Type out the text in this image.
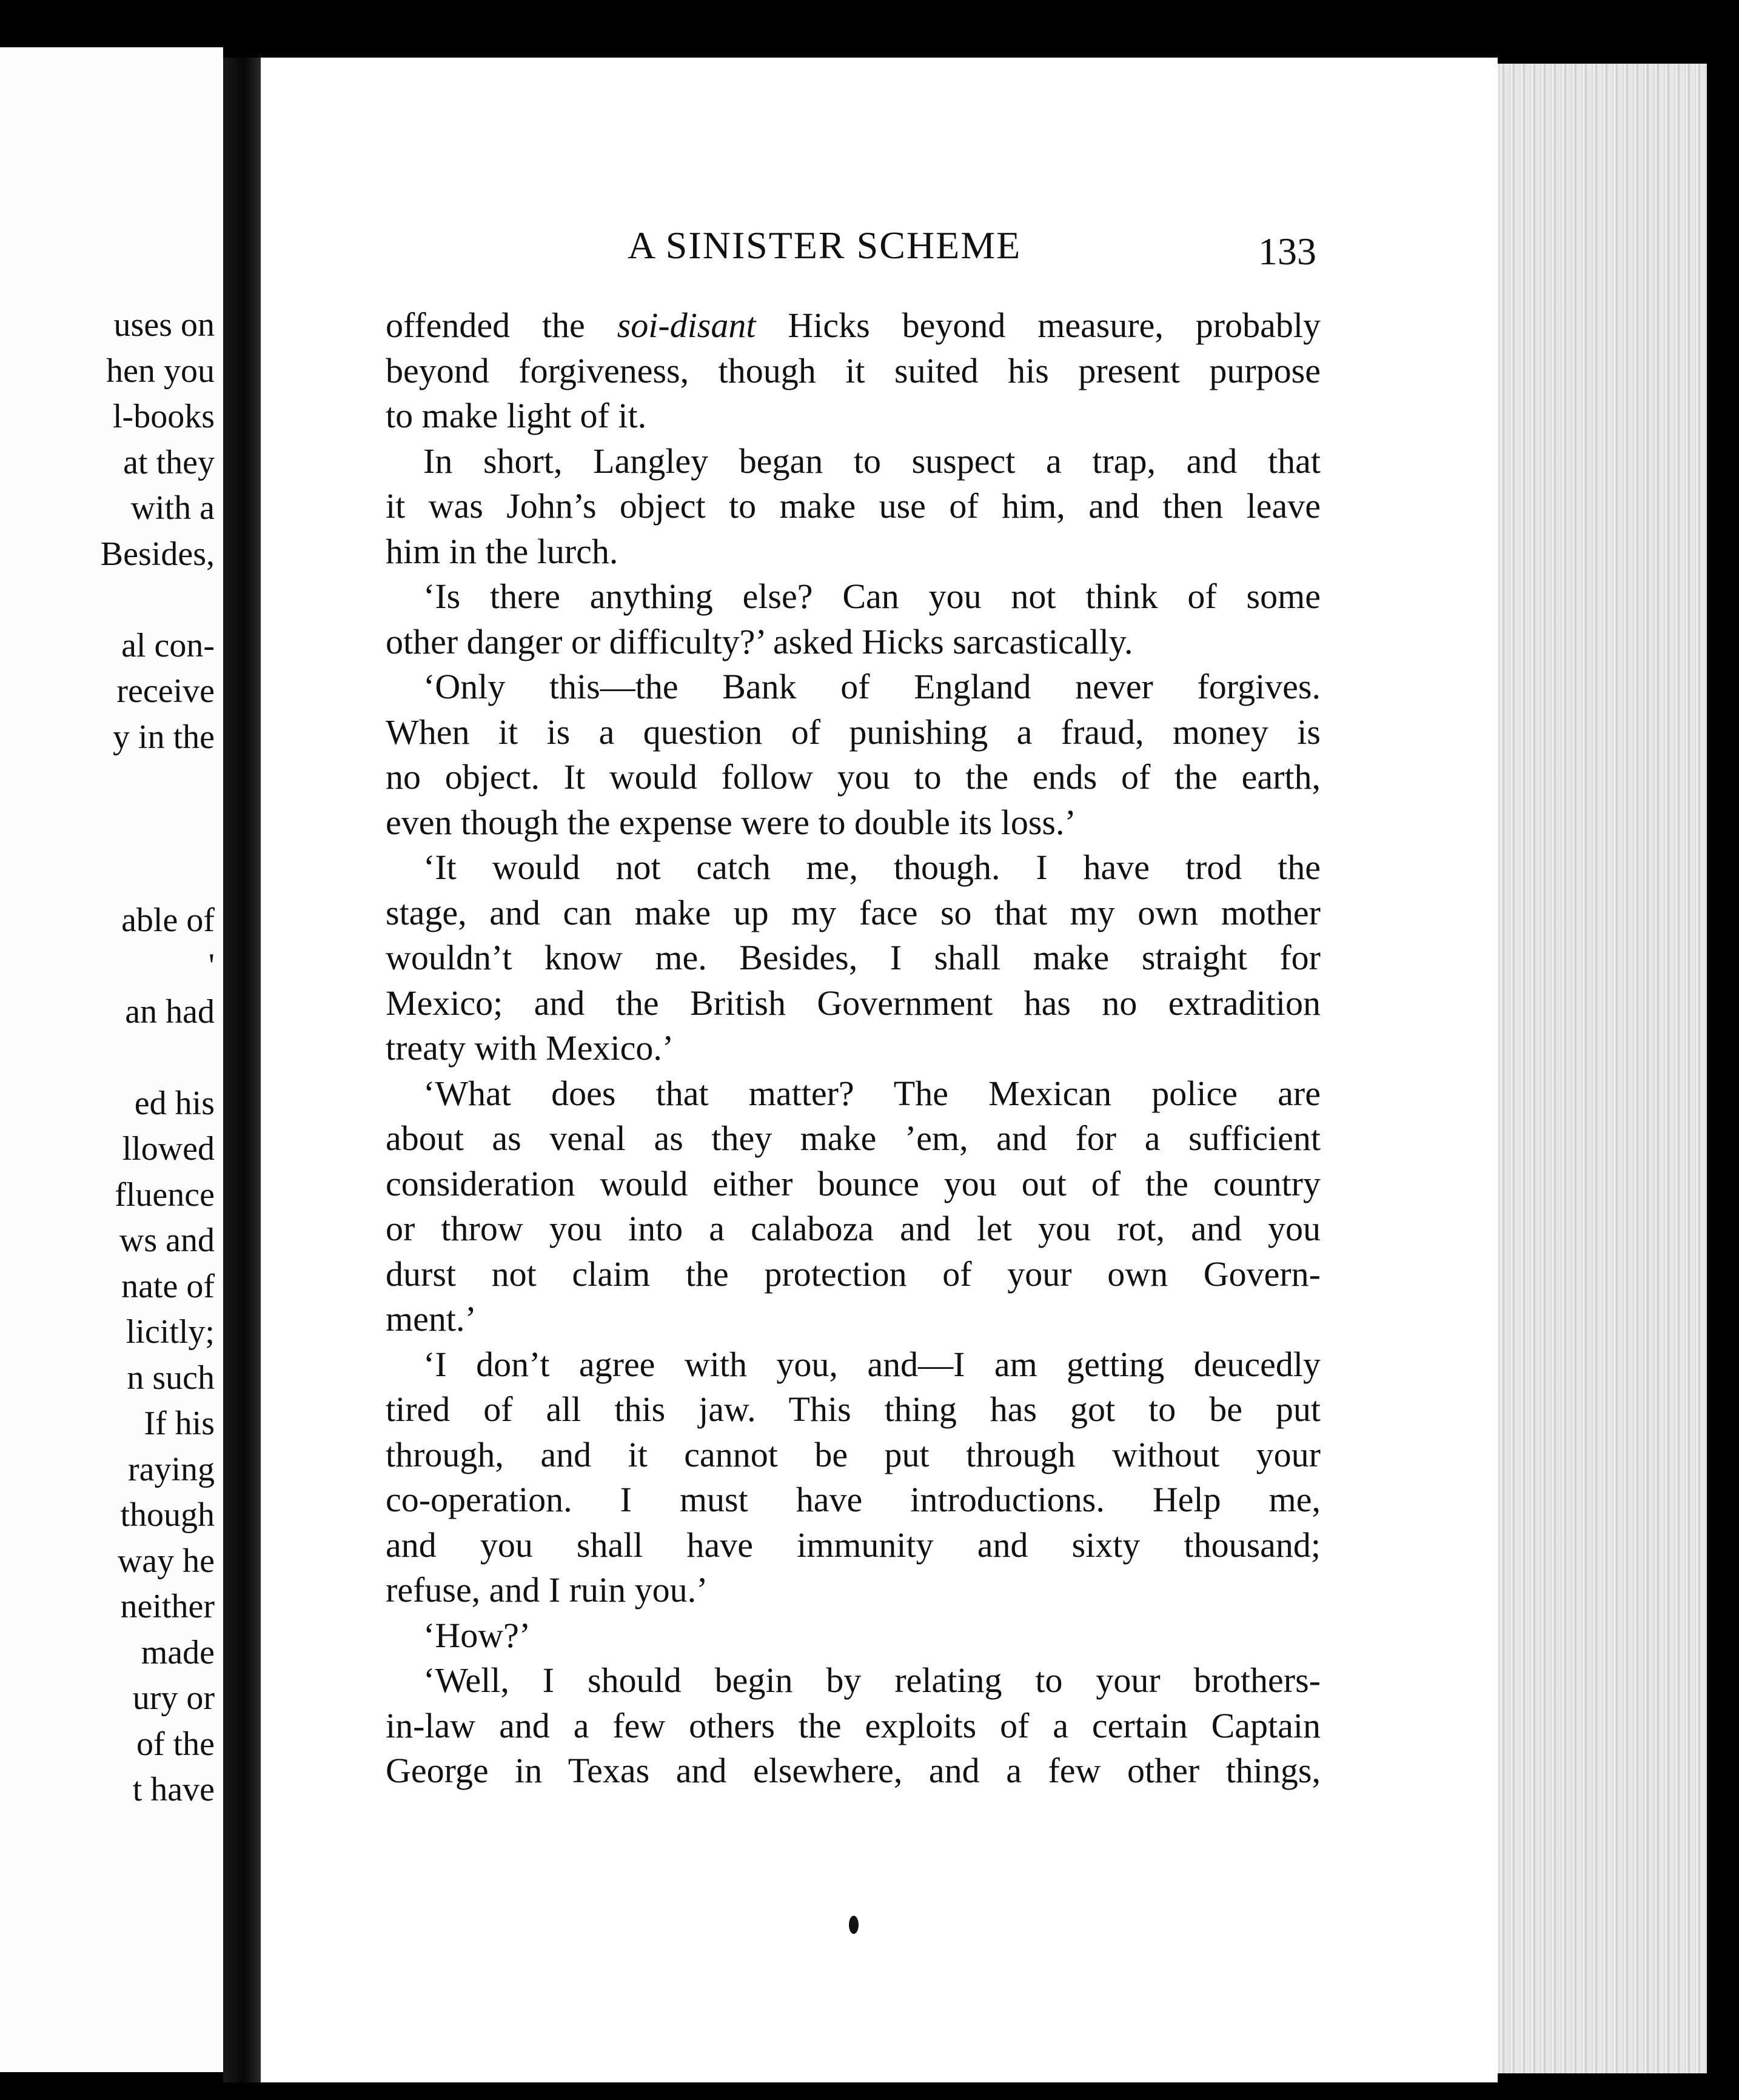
uses on
hen you
l-books
at they
with a
Besides,
al con-
receive
y in the
able of
'
an had
ed his
llowed
fluence
ws and
nate of
licitly;
n such
If his
raying
though
way he
neither
made
ury or
of the
t have
A SINISTER SCHEME	133
offended the soi-disant Hicks beyond measure, probably
beyond forgiveness, though it suited his present purpose
to make light of it.
In short, Langley began to suspect a trap, and that
it was John’s object to make use of him, and then leave
him in the lurch.
‘Is there anything else? Can you not think of some
other danger or difficulty?’ asked Hicks sarcastically.
‘Only this—the Bank of England never forgives.
When it is a question of punishing a fraud, money is
no object. It would follow you to the ends of the earth,
even though the expense were to double its loss.’
‘It would not catch me, though. I have trod the
stage, and can make up my face so that my own mother
wouldn’t know me. Besides, I shall make straight for
Mexico; and the British Government has no extradition
treaty with Mexico.’
‘What does that matter? The Mexican police are
about as venal as they make ’em, and for a sufficient
consideration would either bounce you out of the country
or throw you into a calaboza and let you rot, and you
durst not claim the protection of your own Govern-
ment.’
‘I don’t agree with you, and—I am getting deucedly
tired of all this jaw. This thing has got to be put
through, and it cannot be put through without your
co-operation. I must have introductions. Help me,
and you shall have immunity and sixty thousand;
refuse, and I ruin you.’
‘How?’
‘Well, I should begin by relating to your brothers-
in-law and a few others the exploits of a certain Captain
George in Texas and elsewhere, and a few other things,
